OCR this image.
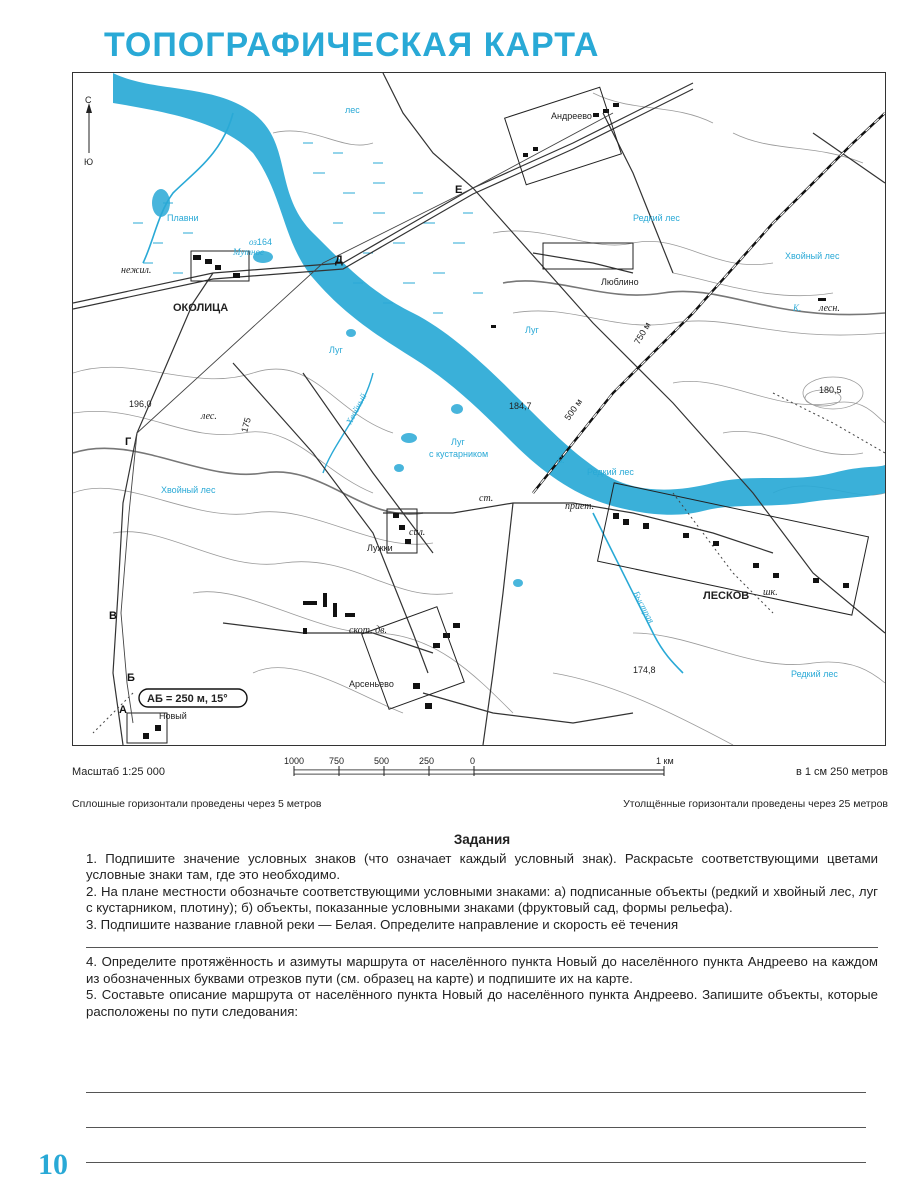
ТОПОГРАФИЧЕСКАЯ КАРТА
С
Ю
Андреево
Люблино
ОКОЛИЦА
Лужки
Арсеньево
ЛЕСКОВ
Новый
лес
Редкий лес
Хвойный лес
Луг
Луг
Луг
с кустарником
Редкий лес
Хвойный лес
Редкий лес
Плавни
лес.
нежил.
сил.
скот. дв.
ст.
приет.
шк.
К. лесн.
оз.
Мутное
Хвойный
Быстрая
Б.
164
196,0	184,7
180,5
174,8
175
750 м
500 м
А
Б
В
Г
Д
Е
АБ = 250 м, 15°
Масштаб 1:25 000
1000	750	500	250	0	1 км
в 1 см 250 метров
Сплошные горизонтали проведены через 5 метров	Утолщённые горизонтали проведены через 25 метров
Задания

1. Подпишите значение условных знаков (что означает каждый условный знак). Раскрасьте соответствующими цветами условные знаки там, где это необходимо.

2. На плане местности обозначьте соответствующими условными знаками: а) подписанные объекты (редкий и хвойный лес, луг с кустарником, плотину); б) объекты, показанные условными знаками (фруктовый сад, формы рельефа).

3. Подпишите название главной реки — Белая. Определите направление и скорость её течения

4. Определите протяжённость и азимуты маршрута от населённого пункта Новый до населённого пункта Андреево на каждом из обозначенных буквами отрезков пути (см. образец на карте) и подпишите их на карте.

5. Составьте описание маршрута от населённого пункта Новый до населённого пункта Андреево. Запишите объекты, которые расположены по пути следования:

10
